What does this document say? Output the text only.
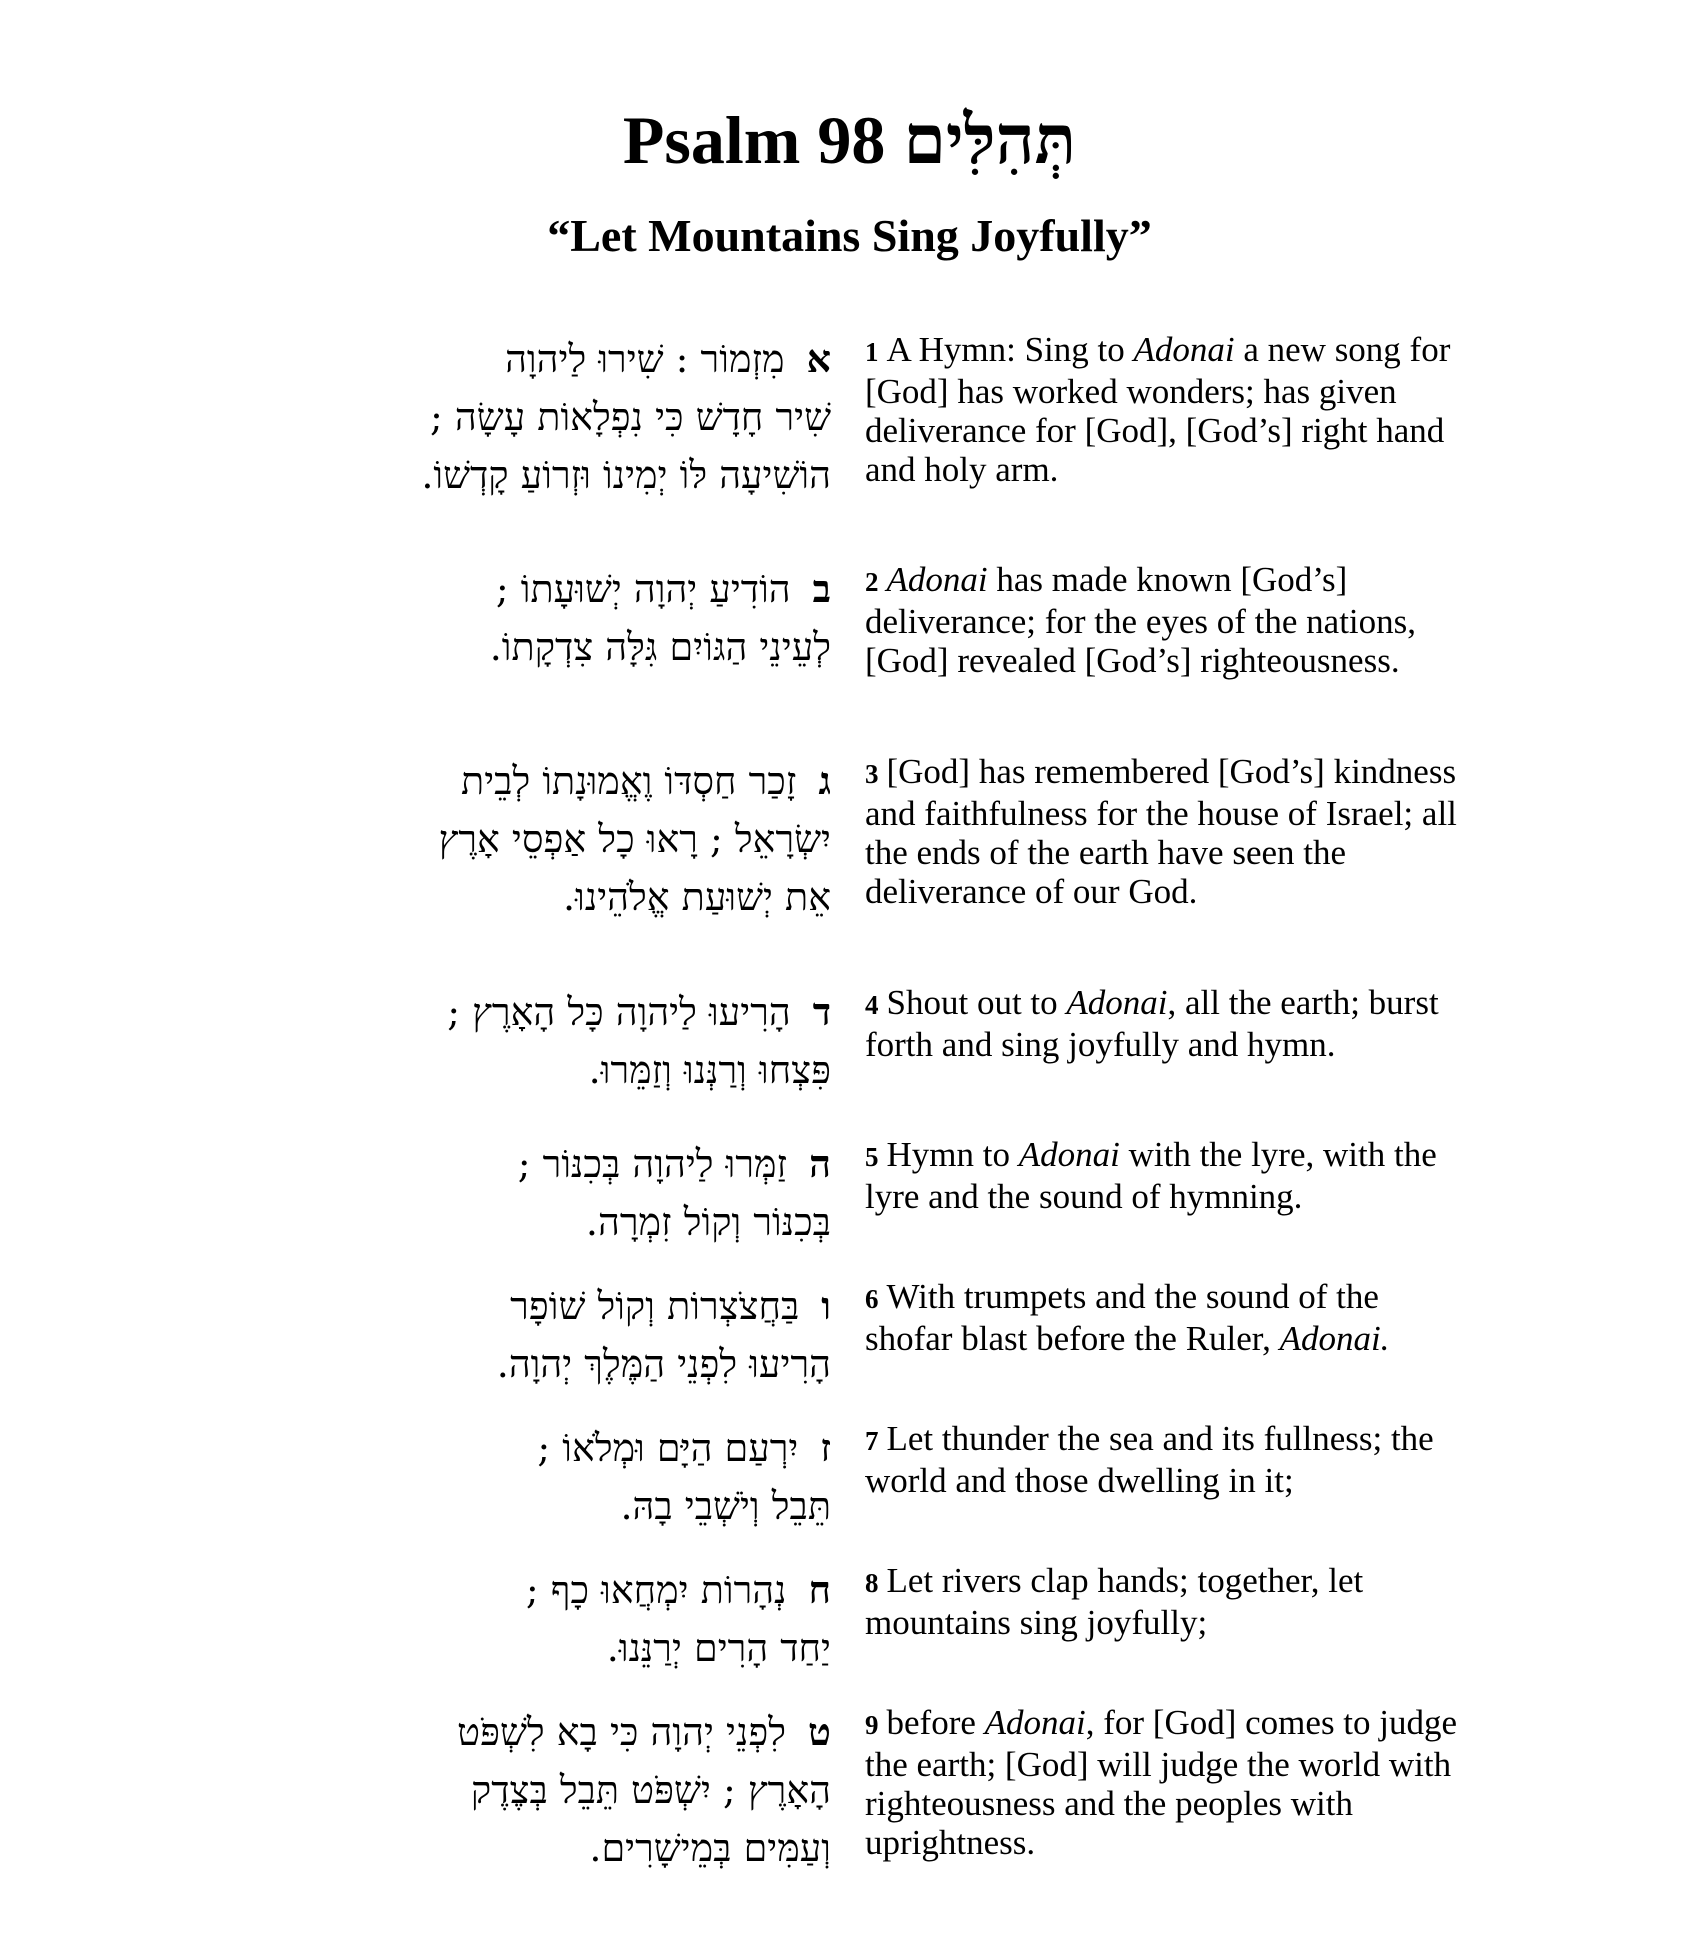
Psalm 98 תְּהִלִּים
“Let Mountains Sing Joyfully”
אמִזְמוֹר : שִׁירוּ לַיהוָה
שִׁיר חָדָשׁ כִּי נִפְלָאוֹת עָשָׂה ;
הוֹשִׁיעָה לּוֹ יְמִינוֹ וּזְרוֹעַ קָדְשׁוֹ.
1 A Hymn: Sing to Adonai a new song for [God] has worked wonders; has given deliverance for [God], [God’s] right hand and holy arm.
בהוֹדִיעַ יְהוָה יְשׁוּעָתוֹ ;
לְעֵינֵי הַגּוֹיִם גִּלָּה צִדְקָתוֹ.
2 Adonai has made known [God’s] deliverance; for the eyes of the nations, [God] revealed [God’s] righteousness.
גזָכַר חַסְדּוֹ וֶאֱמוּנָתוֹ לְבֵית
יִשְׂרָאֵל ; רָאוּ כָל אַפְסֵי אָרֶץ
אֵת יְשׁוּעַת אֱלֹהֵינוּ.
3 [God] has remembered [God’s] kindness and faithfulness for the house of Israel; all the ends of the earth have seen the deliverance of our God.
דהָרִיעוּ לַיהוָה כָּל הָאָרֶץ ;
פִּצְחוּ וְרַנְּנוּ וְזַמֵּרוּ.
4 Shout out to Adonai, all the earth; burst forth and sing joyfully and hymn.
הזַמְּרוּ לַיהוָה בְּכִנּוֹר ;
בְּכִנּוֹר וְקוֹל זִמְרָה.
5 Hymn to Adonai with the lyre, with the lyre and the sound of hymning.
ובַּחֲצֹצְרוֹת וְקוֹל שׁוֹפָר
הָרִיעוּ לִפְנֵי הַמֶּלֶךְ יְהוָה.
6 With trumpets and the sound of the shofar blast before the Ruler, Adonai.
זיִרְעַם הַיָּם וּמְלֹאוֹ ;
תֵּבֵל וְיֹשְׁבֵי בָהּ.
7 Let thunder the sea and its fullness; the world and those dwelling in it;
חנְהָרוֹת יִמְחֲאוּ כָף ;
יַחַד הָרִים יְרַנֵּנוּ.
8 Let rivers clap hands; together, let mountains sing joyfully;
טלִפְנֵי יְהוָה כִּי בָא לִשְׁפֹּט
הָאָרֶץ ; יִשְׁפֹּט תֵּבֵל בְּצֶדֶק
וְעַמִּים בְּמֵישָׁרִים.
9 before Adonai, for [God] comes to judge the earth; [God] will judge the world with righteousness and the peoples with uprightness.
